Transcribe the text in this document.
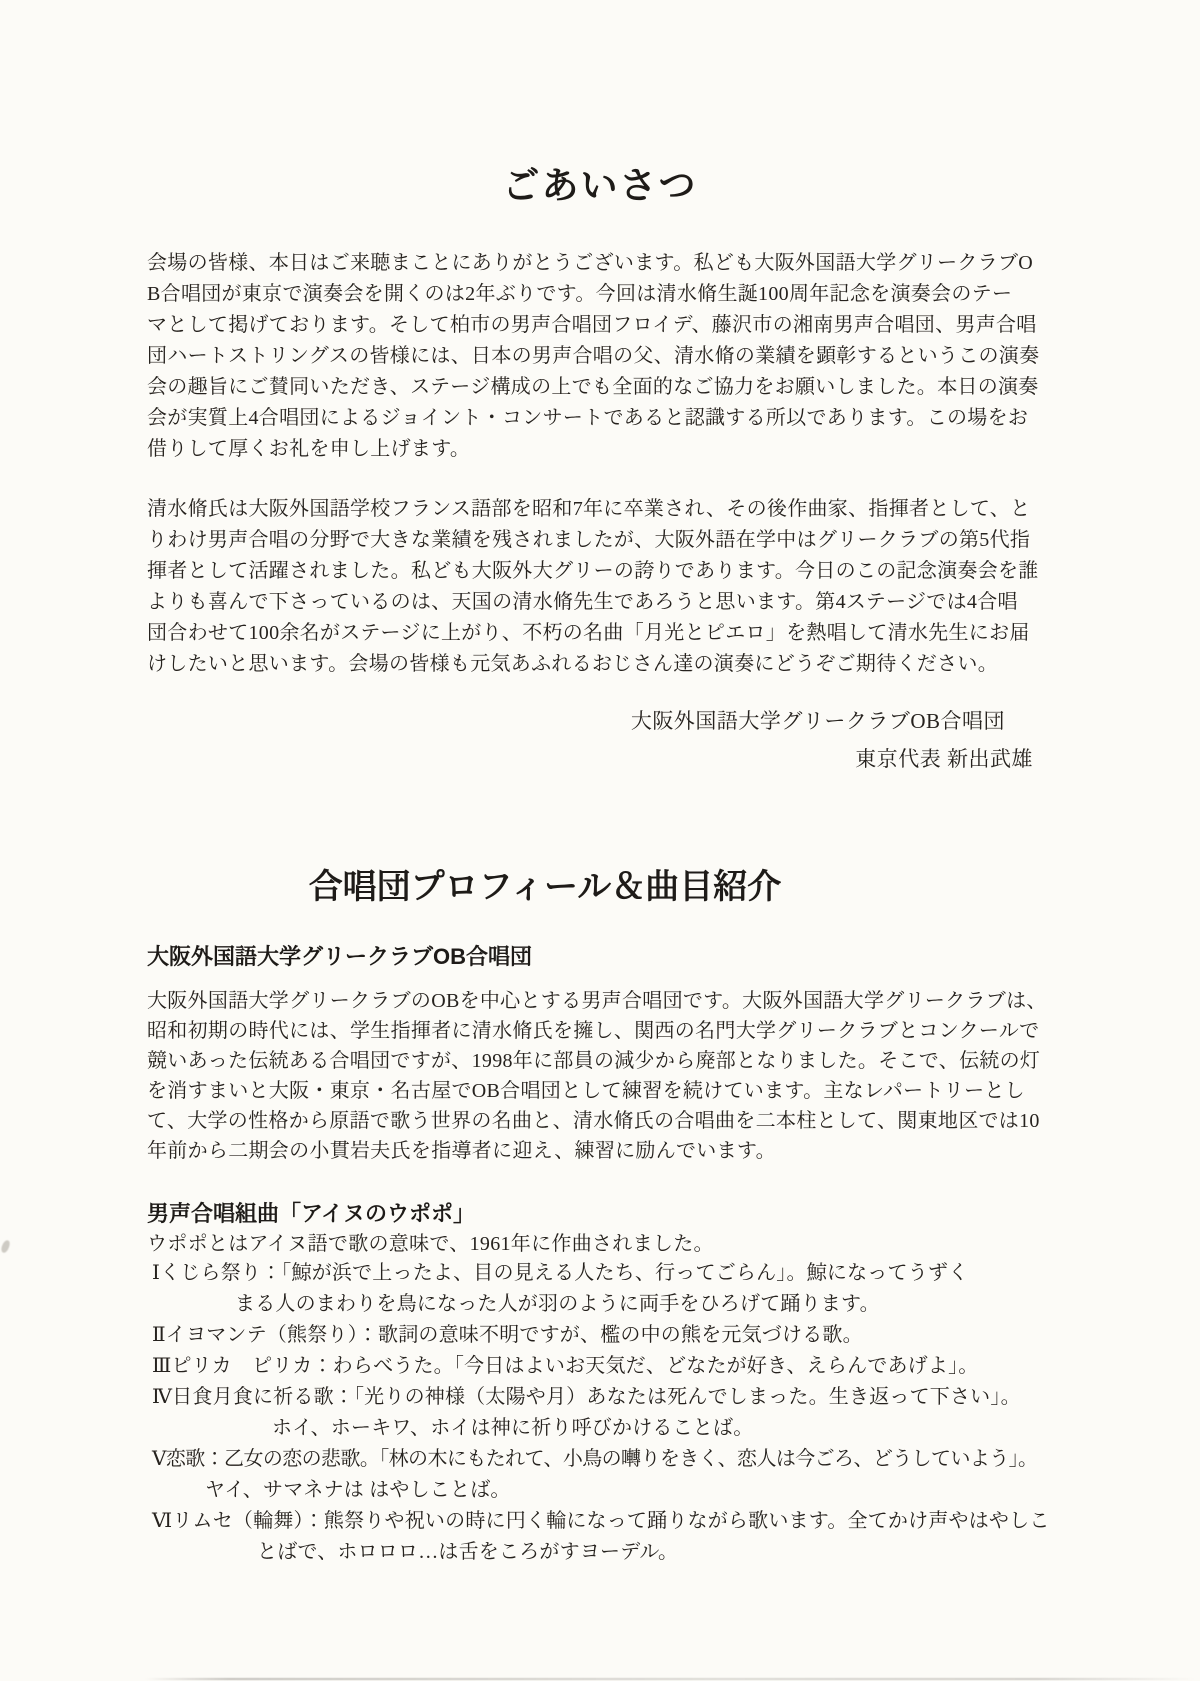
ごあいさつ
会場の皆様、本日はご来聴まことにありがとうございます。私ども大阪外国語大学グリークラブO
B合唱団が東京で演奏会を開くのは2年ぶりです。今回は清水脩生誕100周年記念を演奏会のテー
マとして掲げております。そして柏市の男声合唱団フロイデ、藤沢市の湘南男声合唱団、男声合唱
団ハートストリングスの皆様には、日本の男声合唱の父、清水脩の業績を顕彰するというこの演奏
会の趣旨にご賛同いただき、ステージ構成の上でも全面的なご協力をお願いしました。本日の演奏
会が実質上4合唱団によるジョイント・コンサートであると認識する所以であります。この場をお
借りして厚くお礼を申し上げます。
清水脩氏は大阪外国語学校フランス語部を昭和7年に卒業され、その後作曲家、指揮者として、と
りわけ男声合唱の分野で大きな業績を残されましたが、大阪外語在学中はグリークラブの第5代指
揮者として活躍されました。私ども大阪外大グリーの誇りであります。今日のこの記念演奏会を誰
よりも喜んで下さっているのは、天国の清水脩先生であろうと思います。第4ステージでは4合唱
団合わせて100余名がステージに上がり、不朽の名曲「月光とピエロ」を熱唱して清水先生にお届
けしたいと思います。会場の皆様も元気あふれるおじさん達の演奏にどうぞご期待ください。
大阪外国語大学グリークラブOB合唱団
東京代表 新出武雄
合唱団プロフィール＆曲目紹介
大阪外国語大学グリークラブOB合唱団
大阪外国語大学グリークラブのOBを中心とする男声合唱団です。大阪外国語大学グリークラブは、
昭和初期の時代には、学生指揮者に清水脩氏を擁し、関西の名門大学グリークラブとコンクールで
競いあった伝統ある合唱団ですが、1998年に部員の減少から廃部となりました。そこで、伝統の灯
を消すまいと大阪・東京・名古屋でOB合唱団として練習を続けています。主なレパートリーとし
て、大学の性格から原語で歌う世界の名曲と、清水脩氏の合唱曲を二本柱として、関東地区では10
年前から二期会の小貫岩夫氏を指導者に迎え、練習に励んでいます。
男声合唱組曲「アイヌのウポポ」
ウポポとはアイヌ語で歌の意味で、1961年に作曲されました。
Ⅰくじら祭り：「鯨が浜で上ったよ、目の見える人たち、行ってごらん」。鯨になってうずく
まる人のまわりを鳥になった人が羽のように両手をひろげて踊ります。
Ⅱイヨマンテ（熊祭り）：歌詞の意味不明ですが、檻の中の熊を元気づける歌。
Ⅲピリカ　ピリカ：わらべうた。「今日はよいお天気だ、どなたが好き、えらんであげよ」。
Ⅳ日食月食に祈る歌：「光りの神様（太陽や月）あなたは死んでしまった。生き返って下さい」。
ホイ、ホーキワ、ホイは神に祈り呼びかけることば。
Ⅴ恋歌：乙女の恋の悲歌。「林の木にもたれて、小鳥の囀りをきく、恋人は今ごろ、どうしていよう」。
ヤイ、サマネナは はやしことば。
Ⅵリムセ（輪舞）：熊祭りや祝いの時に円く輪になって踊りながら歌います。全てかけ声やはやしこ
とばで、ホロロロ…は舌をころがすヨーデル。
